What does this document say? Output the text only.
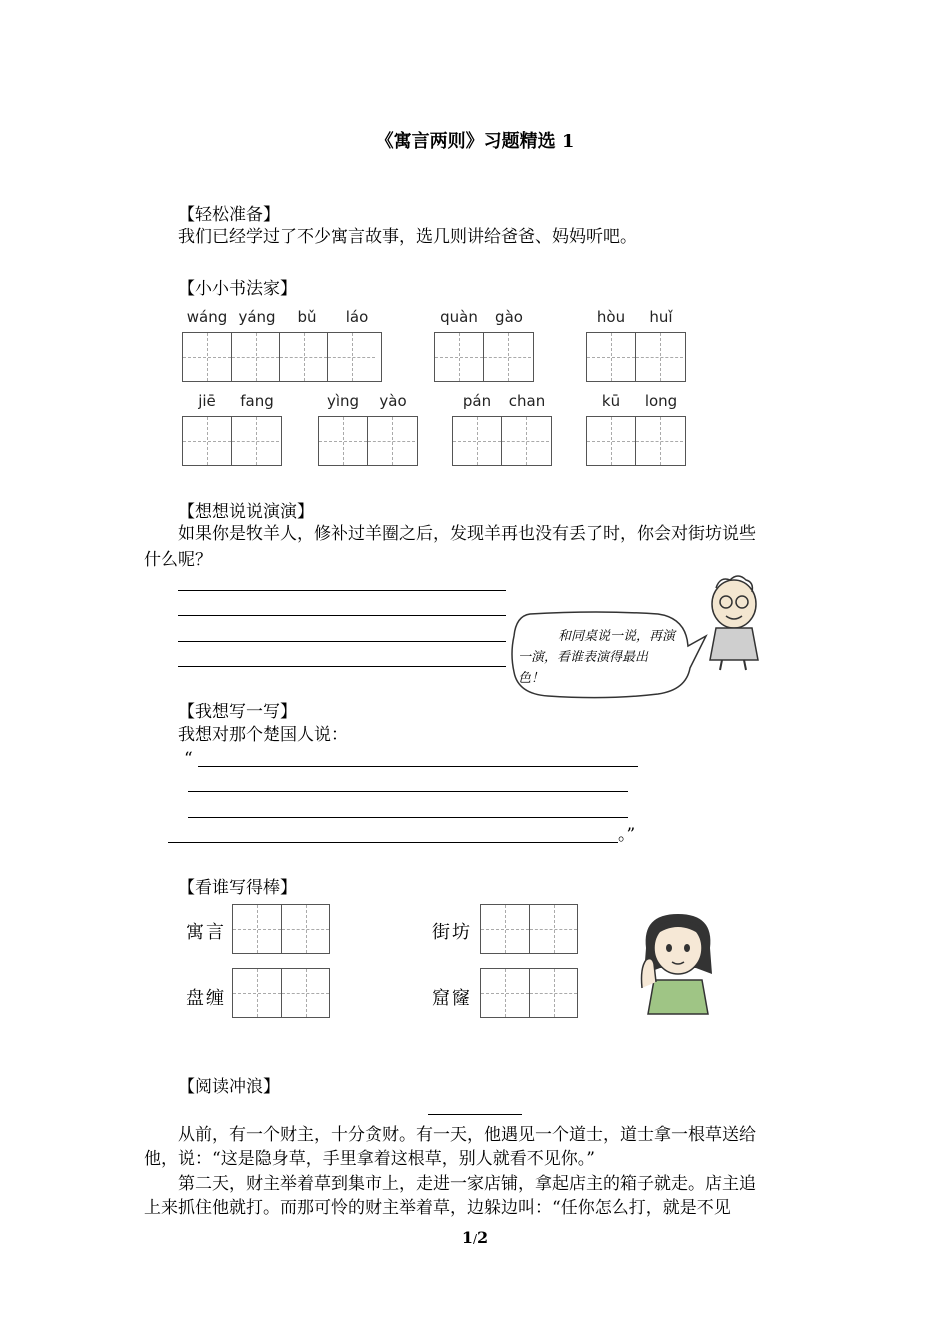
《寓言两则》习题精选 1
【轻松准备】
我们已经学过了不少寓言故事，选几则讲给爸爸、妈妈听吧。
【小小书法家】
wáng yáng	bǔ	láo	quàn	gào	hòu	huǐ
jiē	fang	yìng	yào	pán	chan	kū	long
【想想说说演演】
如果你是牧羊人，修补过羊圈之后，发现羊再也没有丢了时，你会对街坊说些
什么呢？
和同桌说一说，再演
一演，看谁表演得最出
色！
【我想写一写】
我想对那个楚国人说：
“
。”
【看谁写得棒】
寓言	街坊
盘缠	窟窿
【阅读冲浪】
从前，有一个财主，十分贪财。有一天，他遇见一个道士，道士拿一根草送给
他，说：“这是隐身草，手里拿着这根草，别人就看不见你。”
第二天，财主举着草到集市上，走进一家店铺，拿起店主的箱子就走。店主追
上来抓住他就打。而那可怜的财主举着草，边躲边叫：“任你怎么打，就是不见
1/2
